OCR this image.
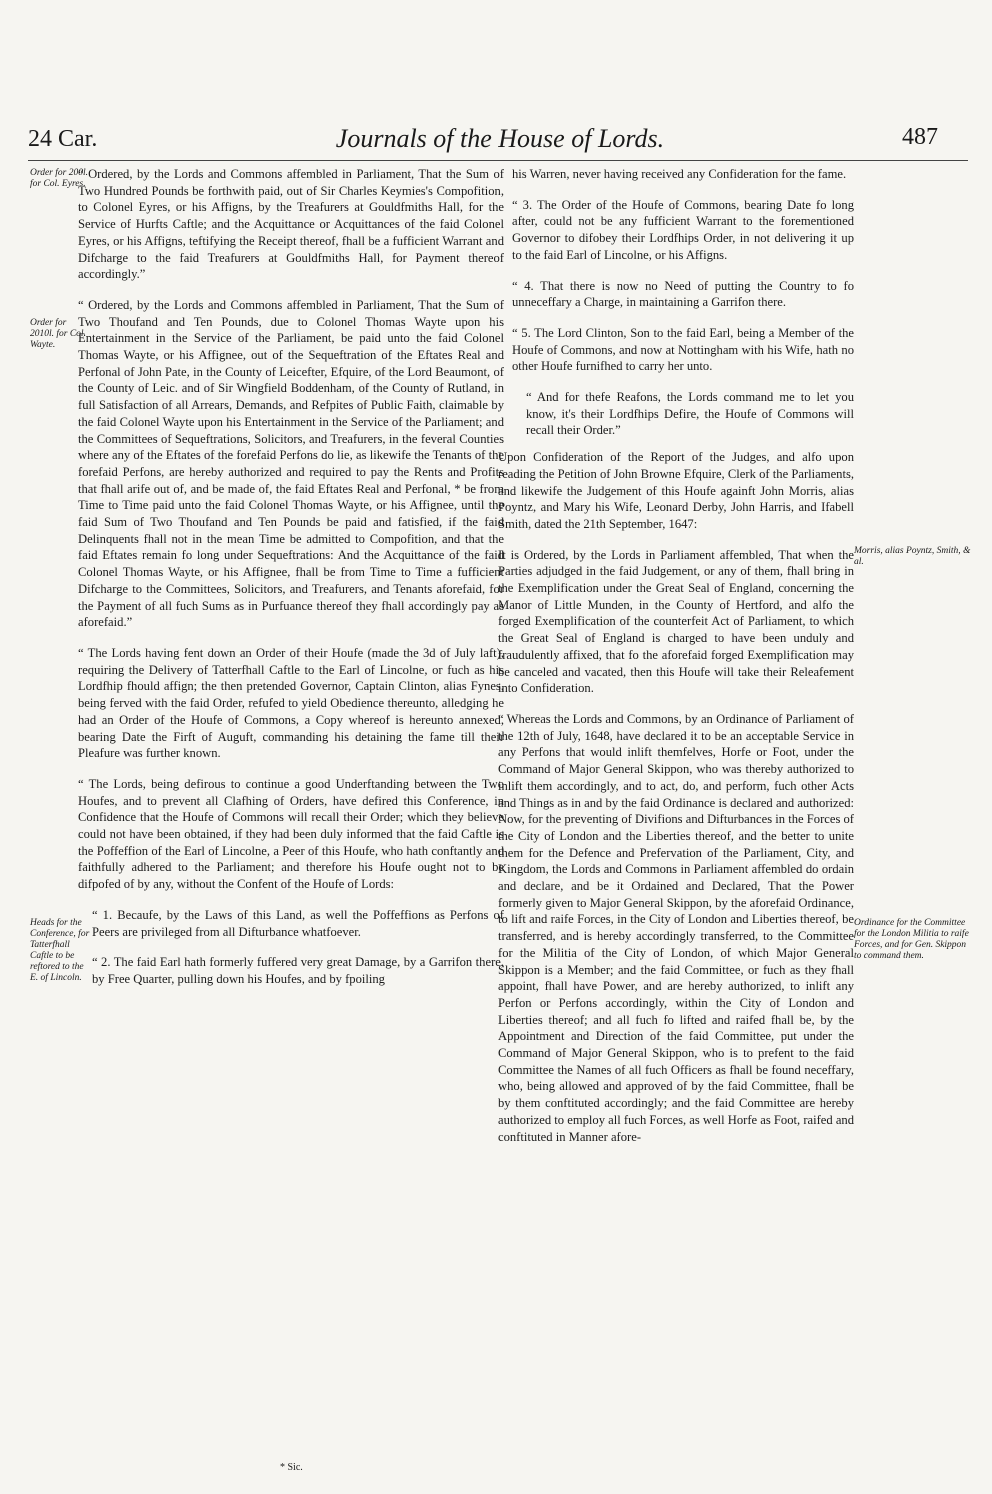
24 Car.	Journals of the House of Lords.	487
Order for 200l. for Col. Eyres.
Order for 2010l. for Col. Wayte.
Heads for the Conference, for Tatterfhall Caftle to be reftored to the E. of Lincoln.
Morris, alias Poyntz, Smith, & al.
Ordinance for the Committee for the London Militia to raife Forces, and for Gen. Skippon to command them.

“ Ordered, by the Lords and Commons affembled in Parliament, That the Sum of Two Hundred Pounds be forthwith paid, out of Sir Charles Keymies's Compofition, to Colonel Eyres, or his Affigns, by the Treafurers at Gouldfmiths Hall, for the Service of Hurfts Caftle; and the Acquittance or Acquittances of the faid Colonel Eyres, or his Affigns, teftifying the Receipt thereof, fhall be a fufficient Warrant and Difcharge to the faid Treafurers at Gouldfmiths Hall, for Payment thereof accordingly.”

“ Ordered, by the Lords and Commons affembled in Parliament, That the Sum of Two Thoufand and Ten Pounds, due to Colonel Thomas Wayte upon his Entertainment in the Service of the Parliament, be paid unto the faid Colonel Thomas Wayte, or his Affignee, out of the Sequeftration of the Eftates Real and Perfonal of John Pate, in the County of Leicefter, Efquire, of the Lord Beaumont, of the County of Leic. and of Sir Wingfield Boddenham, of the County of Rutland, in full Satisfaction of all Arrears, Demands, and Refpites of Public Faith, claimable by the faid Colonel Wayte upon his Entertainment in the Service of the Parliament; and the Committees of Sequeftrations, Solicitors, and Treafurers, in the feveral Counties where any of the Eftates of the forefaid Perfons do lie, as likewife the Tenants of the forefaid Perfons, are hereby authorized and required to pay the Rents and Profits that fhall arife out of, and be made of, the faid Eftates Real and Perfonal, * be from Time to Time paid unto the faid Colonel Thomas Wayte, or his Affignee, until the faid Sum of Two Thoufand and Ten Pounds be paid and fatisfied, if the faid Delinquents fhall not in the mean Time be admitted to Compofition, and that the faid Eftates remain fo long under Sequeftrations: And the Acquittance of the faid Colonel Thomas Wayte, or his Affignee, fhall be from Time to Time a fufficient Difcharge to the Committees, Solicitors, and Treafurers, and Tenants aforefaid, for the Payment of all fuch Sums as in Purfuance thereof they fhall accordingly pay as aforefaid.”

“ The Lords having fent down an Order of their Houfe (made the 3d of July laft), requiring the Delivery of Tatterfhall Caftle to the Earl of Lincolne, or fuch as his Lordfhip fhould affign; the then pretended Governor, Captain Clinton, alias Fynes, being ferved with the faid Order, refufed to yield Obedience thereunto, alledging he had an Order of the Houfe of Commons, a Copy whereof is hereunto annexed, bearing Date the Firft of Auguft, commanding his detaining the fame till their Pleafure was further known.

“ The Lords, being defirous to continue a good Underftanding between the Two Houfes, and to prevent all Clafhing of Orders, have defired this Conference, in Confidence that the Houfe of Commons will recall their Order; which they believe could not have been obtained, if they had been duly informed that the faid Caftle is the Poffeffion of the Earl of Lincolne, a Peer of this Houfe, who hath conftantly and faithfully adhered to the Parliament; and therefore his Houfe ought not to be difpofed of by any, without the Confent of the Houfe of Lords:

“ 1. Becaufe, by the Laws of this Land, as well the Poffeffions as Perfons of Peers are privileged from all Difturbance whatfoever.

“ 2. The faid Earl hath formerly fuffered very great Damage, by a Garrifon there, by Free Quarter, pulling down his Houfes, and by fpoiling

his Warren, never having received any Confideration for the fame.

“ 3. The Order of the Houfe of Commons, bearing Date fo long after, could not be any fufficient Warrant to the forementioned Governor to difobey their Lordfhips Order, in not delivering it up to the faid Earl of Lincolne, or his Affigns.

“ 4. That there is now no Need of putting the Country to fo unneceffary a Charge, in maintaining a Garrifon there.

“ 5. The Lord Clinton, Son to the faid Earl, being a Member of the Houfe of Commons, and now at Nottingham with his Wife, hath no other Houfe furnifhed to carry her unto.

“ And for thefe Reafons, the Lords command me to let you know, it's their Lordfhips Defire, the Houfe of Commons will recall their Order.”

Upon Confideration of the Report of the Judges, and alfo upon reading the Petition of John Browne Efquire, Clerk of the Parliaments, and likewife the Judgement of this Houfe againft John Morris, alias Poyntz, and Mary his Wife, Leonard Derby, John Harris, and Ifabell Smith, dated the 21th September, 1647:

It is Ordered, by the Lords in Parliament affembled, That when the Parties adjudged in the faid Judgement, or any of them, fhall bring in the Exemplification under the Great Seal of England, concerning the Manor of Little Munden, in the County of Hertford, and alfo the forged Exemplification of the counterfeit Act of Parliament, to which the Great Seal of England is charged to have been unduly and fraudulently affixed, that fo the aforefaid forged Exemplification may be canceled and vacated, then this Houfe will take their Releafement into Confideration.

“ Whereas the Lords and Commons, by an Ordinance of Parliament of the 12th of July, 1648, have declared it to be an acceptable Service in any Perfons that would inlift themfelves, Horfe or Foot, under the Command of Major General Skippon, who was thereby authorized to inlift them accordingly, and to act, do, and perform, fuch other Acts and Things as in and by the faid Ordinance is declared and authorized: Now, for the preventing of Divifions and Difturbances in the Forces of the City of London and the Liberties thereof, and the better to unite them for the Defence and Prefervation of the Parliament, City, and Kingdom, the Lords and Commons in Parliament affembled do ordain and declare, and be it Ordained and Declared, That the Power formerly given to Major General Skippon, by the aforefaid Ordinance, to lift and raife Forces, in the City of London and Liberties thereof, be transferred, and is hereby accordingly transferred, to the Committee for the Militia of the City of London, of which Major General Skippon is a Member; and the faid Committee, or fuch as they fhall appoint, fhall have Power, and are hereby authorized, to inlift any Perfon or Perfons accordingly, within the City of London and Liberties thereof; and all fuch fo lifted and raifed fhall be, by the Appointment and Direction of the faid Committee, put under the Command of Major General Skippon, who is to prefent to the faid Committee the Names of all fuch Officers as fhall be found neceffary, who, being allowed and approved of by the faid Committee, fhall be by them conftituted accordingly; and the faid Committee are hereby authorized to employ all fuch Forces, as well Horfe as Foot, raifed and conftituted in Manner afore-

* Sic.
